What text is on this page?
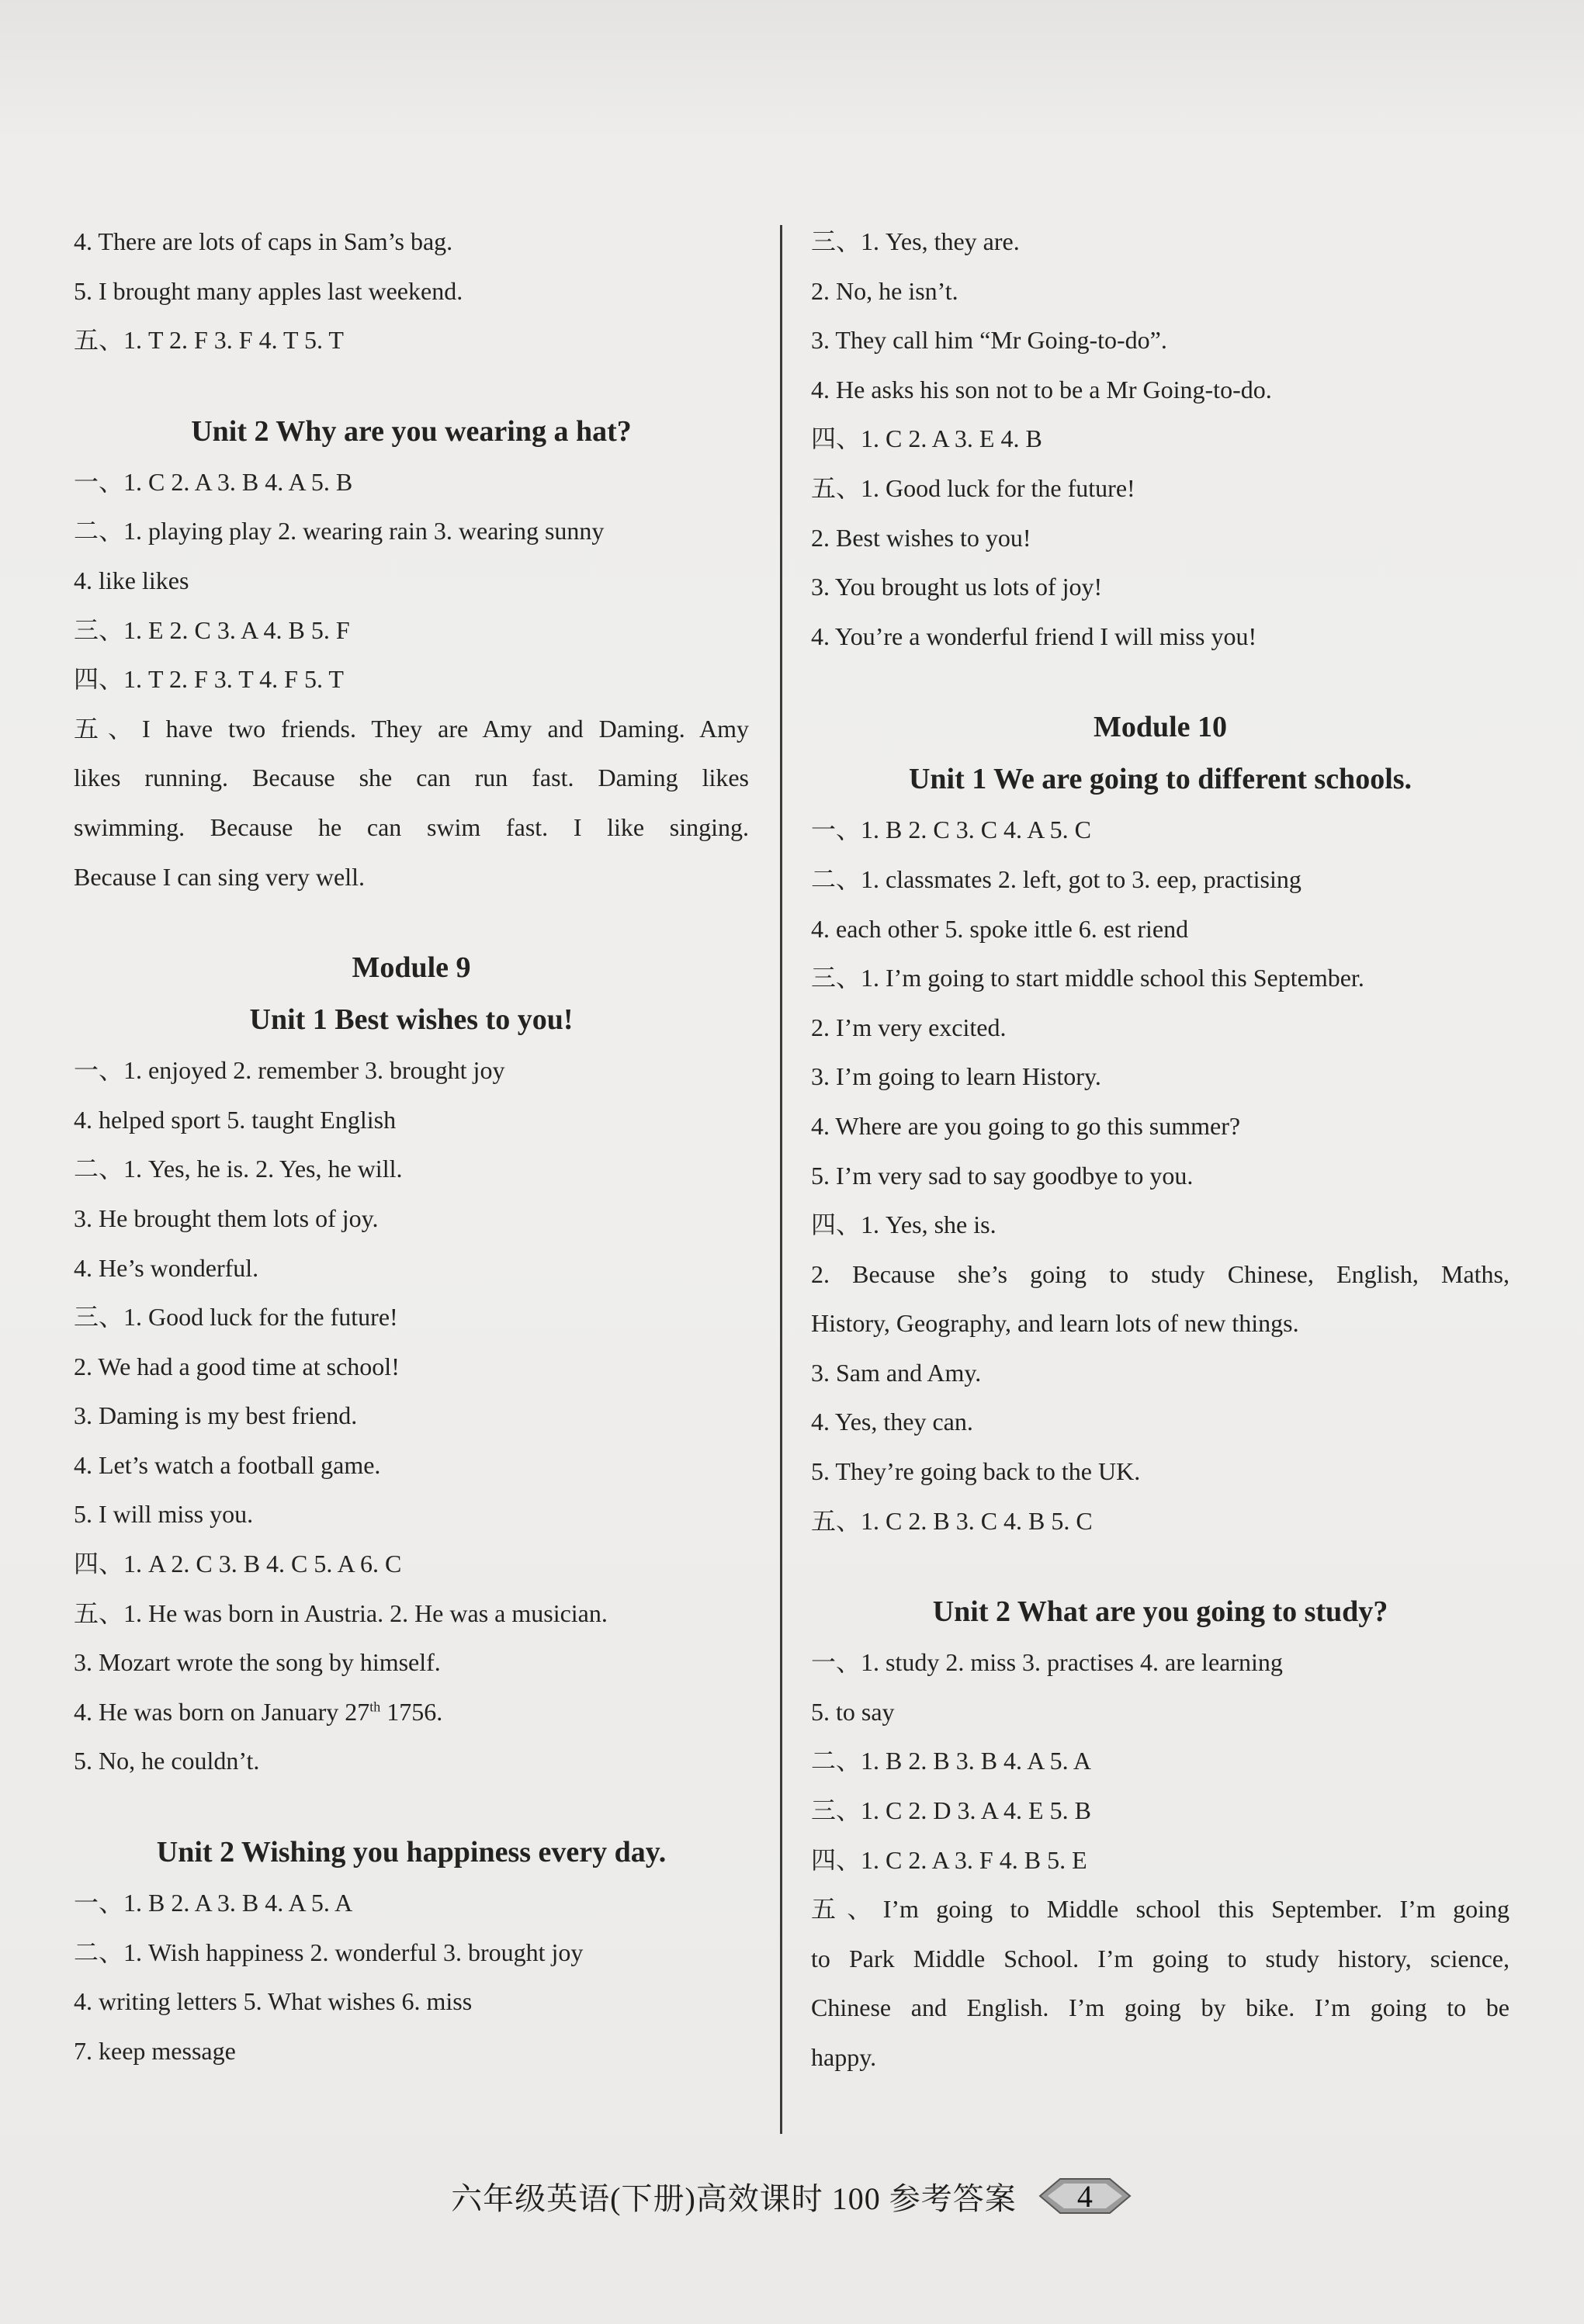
4. There are lots of caps in Sam’s bag.
5. I brought many apples last weekend.
五、1. T 2. F 3. F 4. T 5. T
Unit 2 Why are you wearing a hat?
一、1. C 2. A 3. B 4. A 5. B
二、1. playing play 2. wearing rain 3. wearing sunny
4. like likes
三、1. E 2. C 3. A 4. B 5. F
四、1. T 2. F 3. T 4. F 5. T
五、I have two friends. They are Amy and Daming. Amy
likes running. Because she can run fast. Daming likes
swimming. Because he can swim fast. I like singing.
Because I can sing very well.
Module 9
Unit 1 Best wishes to you!
一、1. enjoyed 2. remember 3. brought joy
4. helped sport 5. taught English
二、1. Yes, he is. 2. Yes, he will.
3. He brought them lots of joy.
4. He’s wonderful.
三、1. Good luck for the future!
2. We had a good time at school!
3. Daming is my best friend.
4. Let’s watch a football game.
5. I will miss you.
四、1. A 2. C 3. B 4. C 5. A 6. C
五、1. He was born in Austria. 2. He was a musician.
3. Mozart wrote the song by himself.
4. He was born on January 27th 1756.
5. No, he couldn’t.
Unit 2 Wishing you happiness every day.
一、1. B 2. A 3. B 4. A 5. A
二、1. Wish happiness 2. wonderful 3. brought joy
4. writing letters 5. What wishes 6. miss
7. keep message
三、1. Yes, they are.
2. No, he isn’t.
3. They call him “Mr Going-to-do”.
4. He asks his son not to be a Mr Going-to-do.
四、1. C 2. A 3. E 4. B
五、1. Good luck for the future!
2. Best wishes to you!
3. You brought us lots of joy!
4. You’re a wonderful friend I will miss you!
Module 10
Unit 1 We are going to different schools.
一、1. B 2. C 3. C 4. A 5. C
二、1. classmates 2. left, got to 3. eep, practising
4. each other 5. spoke ittle 6. est riend
三、1. I’m going to start middle school this September.
2. I’m very excited.
3. I’m going to learn History.
4. Where are you going to go this summer?
5. I’m very sad to say goodbye to you.
四、1. Yes, she is.
2. Because she’s going to study Chinese, English, Maths,
History, Geography, and learn lots of new things.
3. Sam and Amy.
4. Yes, they can.
5. They’re going back to the UK.
五、1. C 2. B 3. C 4. B 5. C
Unit 2 What are you going to study?
一、1. study 2. miss 3. practises 4. are learning
5. to say
二、1. B 2. B 3. B 4. A 5. A
三、1. C 2. D 3. A 4. E 5. B
四、1. C 2. A 3. F 4. B 5. E
五、I’m going to Middle school this September. I’m going
to Park Middle School. I’m going to study history, science,
Chinese and English. I’m going by bike. I’m going to be
happy.
六年级英语(下册)高效课时 100 参考答案 4
